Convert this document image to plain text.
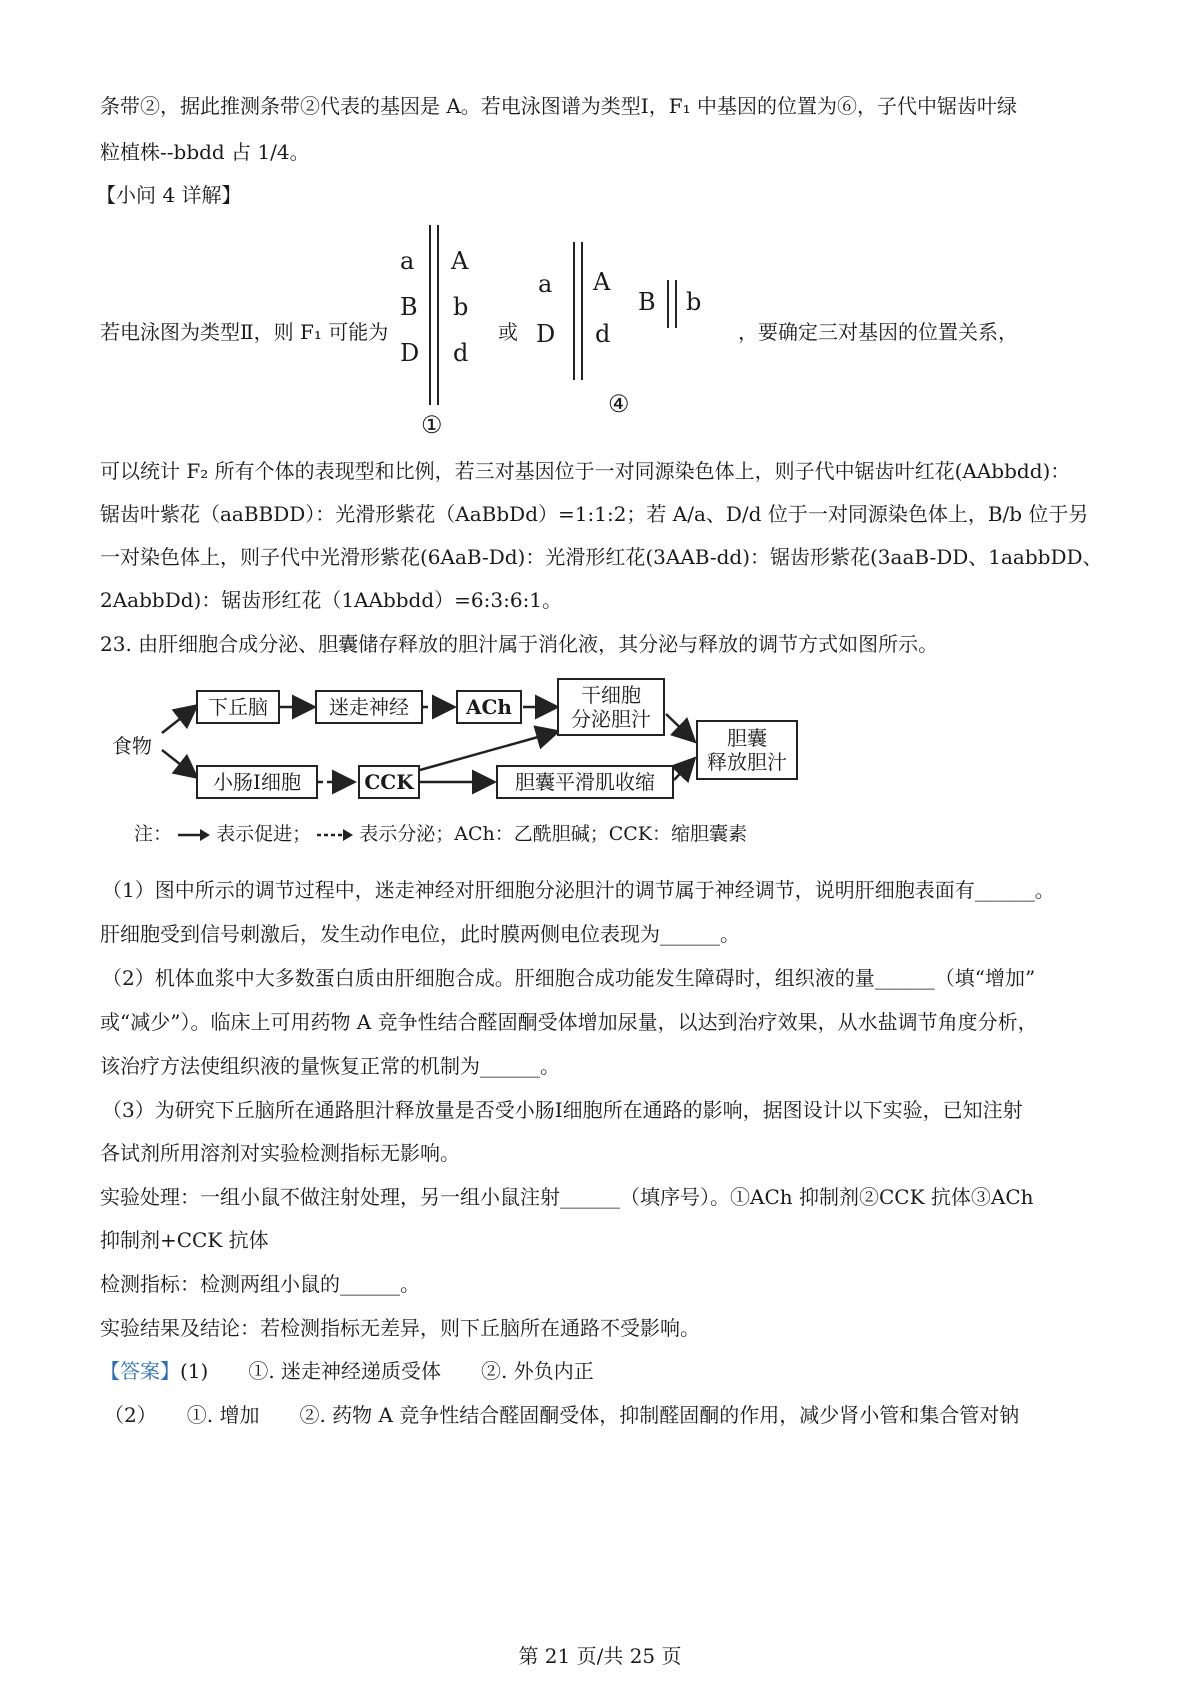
条带②，据此推测条带②代表的基因是 A。若电泳图谱为类型Ⅰ，F₁ 中基因的位置为⑥，子代中锯齿叶绿
粒植株--bbdd 占 1/4。
【小问 4 详解】
若电泳图为类型Ⅱ，则 F₁ 可能为	或	，要确定三对基因的位置关系，
a
B
D
A
b
d
①
a
D
A
d
B b
④
可以统计 F₂ 所有个体的表现型和比例，若三对基因位于一对同源染色体上，则子代中锯齿叶红花(AAbbdd)：
锯齿叶紫花（aaBBDD）：光滑形紫花（AaBbDd）=1:1:2；若 A/a、D/d 位于一对同源染色体上，B/b 位于另
一对染色体上，则子代中光滑形紫花(6AaB-Dd)：光滑形红花(3AAB-dd)：锯齿形紫花(3aaB-DD、1aabbDD、
2AabbDd)：锯齿形红花（1AAbbdd）=6:3:6:1。
23. 由肝细胞合成分泌、胆囊储存释放的胆汁属于消化液，其分泌与释放的调节方式如图所示。
食物
下丘脑	迷走神经	ACh	干细胞
分泌胆汁
小肠Ⅰ细胞	CCK	胆囊平滑肌收缩
胆囊
释放胆汁
注： 表示促进；	表示分泌；ACh：乙酰胆碱；CCK：缩胆囊素
（1）图中所示的调节过程中，迷走神经对肝细胞分泌胆汁的调节属于神经调节，说明肝细胞表面有______。
肝细胞受到信号刺激后，发生动作电位，此时膜两侧电位表现为______。
（2）机体血浆中大多数蛋白质由肝细胞合成。肝细胞合成功能发生障碍时，组织液的量______（填“增加”
或“减少”）。临床上可用药物 A 竞争性结合醛固酮受体增加尿量，以达到治疗效果，从水盐调节角度分析，
该治疗方法使组织液的量恢复正常的机制为______。
（3）为研究下丘脑所在通路胆汁释放量是否受小肠Ⅰ细胞所在通路的影响，据图设计以下实验，已知注射
各试剂所用溶剂对实验检测指标无影响。
实验处理：一组小鼠不做注射处理，另一组小鼠注射______（填序号）。①ACh 抑制剂②CCK 抗体③ACh
抑制剂+CCK 抗体
检测指标：检测两组小鼠的______。
实验结果及结论：若检测指标无差异，则下丘脑所在通路不受影响。
【答案】(1)　　①. 迷走神经递质受体　　②. 外负内正
（2）　　①. 增加　　②. 药物 A 竞争性结合醛固酮受体，抑制醛固酮的作用，减少肾小管和集合管对钠
第 21 页/共 25 页
